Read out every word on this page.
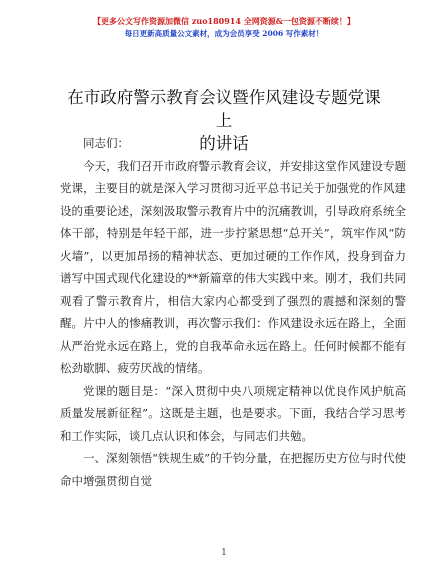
【更多公文写作资源加微信 zuo180914 全网资源&一包资源不断续！】
每日更新高质量公文素材，成为会员享受 2006 写作素材！
在市政府警示教育会议暨作风建设专题党课上
的讲话

同志们：

今天，我们召开市政府警示教育会议，并安排这堂作风建设专题党课，主要目的就是深入学习贯彻习近平总书记关于加强党的作风建设的重要论述，深刻汲取警示教育片中的沉痛教训，引导政府系统全体干部，特别是年轻干部，进一步拧紧思想“总开关”，筑牢作风“防火墙”，以更加昂扬的精神状态、更加过硬的工作作风，投身到奋力谱写中国式现代化建设的**新篇章的伟大实践中来。刚才，我们共同观看了警示教育片，相信大家内心都受到了强烈的震撼和深刻的警醒。片中人的惨痛教训，再次警示我们：作风建设永远在路上，全面从严治党永远在路上，党的自我革命永远在路上。任何时候都不能有松劲歇脚、疲劳厌战的情绪。

党课的题目是：“深入贯彻中央八项规定精神以优良作风护航高质量发展新征程”。这既是主题，也是要求。下面，我结合学习思考和工作实际，谈几点认识和体会，与同志们共勉。

一、深刻领悟“铁规生威”的千钧分量，在把握历史方位与时代使命中增强贯彻自觉

1
